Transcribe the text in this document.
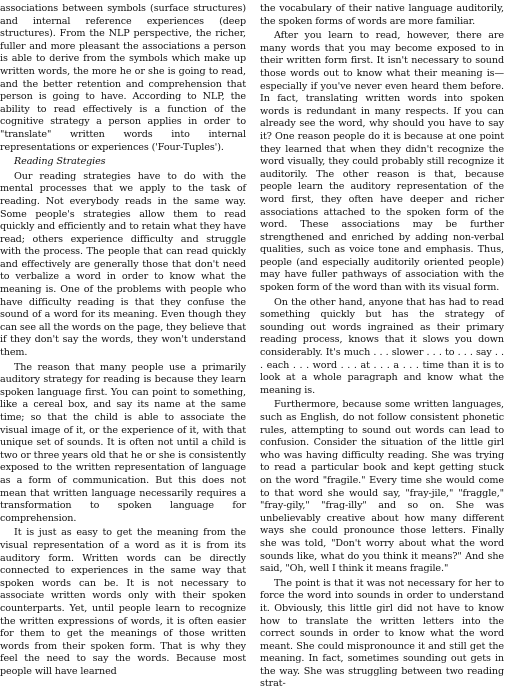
associations between symbols (surface structures) and internal reference experiences (deep structures). From the NLP perspective, the richer, fuller and more pleasant the associations a person is able to derive from the symbols which make up written words, the more he or she is going to read, and the better retention and comprehension that person is going to have. According to NLP, the ability to read effectively is a function of the cognitive strategy a person applies in order to "translate" written words into internal representations or experiences ('Four-Tuples').

Reading Strategies

Our reading strategies have to do with the mental processes that we apply to the task of reading. Not everybody reads in the same way. Some people's strategies allow them to read quickly and efficiently and to retain what they have read; others experience difficulty and struggle with the process. The people that can read quickly and effectively are generally those that don't need to verbalize a word in order to know what the meaning is. One of the problems with people who have difficulty reading is that they confuse the sound of a word for its meaning. Even though they can see all the words on the page, they believe that if they don't say the words, they won't understand them.

The reason that many people use a primarily auditory strategy for reading is because they learn spoken language first. You can point to something, like a cereal box, and say its name at the same time; so that the child is able to associate the visual image of it, or the experience of it, with that unique set of sounds. It is often not until a child is two or three years old that he or she is consistently exposed to the written representation of language as a form of communication. But this does not mean that written language necessarily requires a transformation to spoken language for comprehension.

It is just as easy to get the meaning from the visual representation of a word as it is from its auditory form. Written words can be directly connected to experiences in the same way that spoken words can be. It is not necessary to associate written words only with their spoken counterparts. Yet, until people learn to recognize the written expressions of words, it is often easier for them to get the meanings of those written words from their spoken form. That is why they feel the need to say the words. Because most people will have learned

the vocabulary of their native language auditorily, the spoken forms of words are more familiar.

After you learn to read, however, there are many words that you may become exposed to in their written form first. It isn't necessary to sound those words out to know what their meaning is—especially if you've never even heard them before. In fact, translating written words into spoken words is redundant in many respects. If you can already see the word, why should you have to say it? One reason people do it is because at one point they learned that when they didn't recognize the word visually, they could probably still recognize it auditorily. The other reason is that, because people learn the auditory representation of the word first, they often have deeper and richer associations attached to the spoken form of the word. These associations may be further strengthened and enriched by adding non-verbal qualities, such as voice tone and emphasis. Thus, people (and especially auditorily oriented people) may have fuller pathways of association with the spoken form of the word than with its visual form.

On the other hand, anyone that has had to read something quickly but has the strategy of sounding out words ingrained as their primary reading process, knows that it slows you down considerably. It's much . . . slower . . . to . . . say . . . each . . . word . . . at . . . a . . . time than it is to look at a whole paragraph and know what the meaning is.

Furthermore, because some written languages, such as English, do not follow consistent phonetic rules, attempting to sound out words can lead to confusion. Consider the situation of the little girl who was having difficulty reading. She was trying to read a particular book and kept getting stuck on the word "fragile." Every time she would come to that word she would say, "fray-jile," "fraggle," "fray-gily," "frag-illy" and so on. She was unbelievably creative about how many different ways she could pronounce those letters. Finally she was told, "Don't worry about what the word sounds like, what do you think it means?" And she said, "Oh, well I think it means fragile."

The point is that it was not necessary for her to force the word into sounds in order to understand it. Obviously, this little girl did not have to know how to translate the written letters into the correct sounds in order to know what the word meant. She could mispronounce it and still get the meaning. In fact, sometimes sounding out gets in the way. She was struggling between two reading strat-
